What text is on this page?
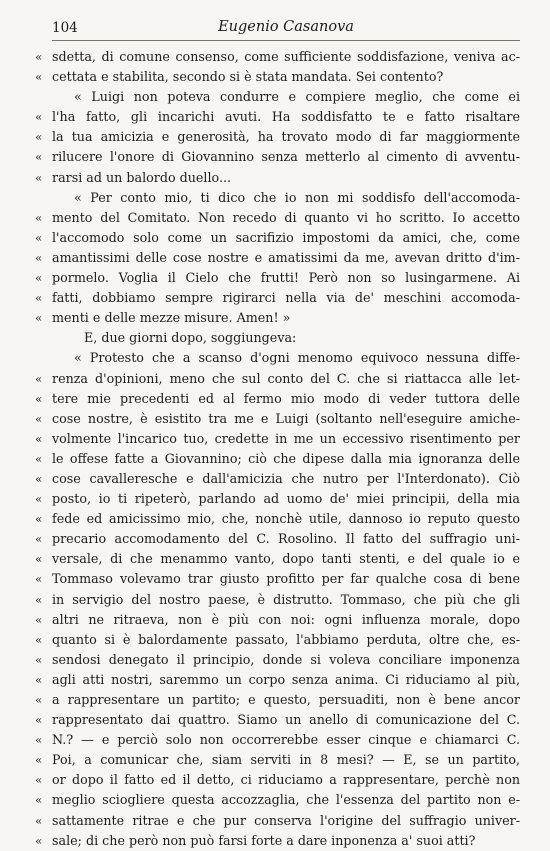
104	Eugenio Casanova
« sdetta, di comune consenso, come sufficiente soddisfazione, veniva ac-
« cettata e stabilita, secondo si è stata mandata. Sei contento?
« Luigi non poteva condurre e compiere meglio, che come ei
« l'ha fatto, gli incarichi avuti. Ha soddisfatto te e fatto risaltare
« la tua amicizia e generosità, ha trovato modo di far maggiormente
« rilucere l'onore di Giovannino senza metterlo al cimento di avventu-
« rarsi ad un balordo duello...
« Per conto mio, ti dico che io non mi soddisfo dell'accomoda-
« mento del Comitato. Non recedo di quanto vi ho scritto. Io accetto
« l'accomodo solo come un sacrifizio impostomi da amici, che, come
« amantissimi delle cose nostre e amatissimi da me, avevan dritto d'im-
« pormelo. Voglia il Cielo che frutti! Però non so lusingarmene. Ai
« fatti, dobbiamo sempre rigirarci nella via de' meschini accomoda-
« menti e delle mezze misure. Amen! »
E, due giorni dopo, soggiungeva:
« Protesto che a scanso d'ogni menomo equivoco nessuna diffe-
« renza d'opinioni, meno che sul conto del C. che si riattacca alle let-
« tere mie precedenti ed al fermo mio modo di veder tuttora delle
« cose nostre, è esistito tra me e Luigi (soltanto nell'eseguire amiche-
« volmente l'incarico tuo, credette in me un eccessivo risentimento per
« le offese fatte a Giovannino; ciò che dipese dalla mia ignoranza delle
« cose cavalleresche e dall'amicizia che nutro per l'Interdonato). Ciò
« posto, io ti ripeterò, parlando ad uomo de' miei principii, della mia
« fede ed amicissimo mio, che, nonchè utile, dannoso io reputo questo
« precario accomodamento del C. Rosolino. Il fatto del suffragio uni-
« versale, di che menammo vanto, dopo tanti stenti, e del quale io e
« Tommaso volevamo trar giusto profitto per far qualche cosa di bene
« in servigio del nostro paese, è distrutto. Tommaso, che più che gli
« altri ne ritraeva, non è più con noi: ogni influenza morale, dopo
« quanto si è balordamente passato, l'abbiamo perduta, oltre che, es-
« sendosi denegato il principio, donde si voleva conciliare imponenza
« agli atti nostri, saremmo un corpo senza anima. Ci riduciamo al più,
« a rappresentare un partito; e questo, persuaditi, non è bene ancor
« rappresentato dai quattro. Siamo un anello di comunicazione del C.
« N.? — e perciò solo non occorrerebbe esser cinque e chiamarci C.
« Poi, a comunicar che, siam serviti in 8 mesi? — E, se un partito,
« or dopo il fatto ed il detto, ci riduciamo a rappresentare, perchè non
« meglio sciogliere questa accozzaglia, che l'essenza del partito non e-
« sattamente ritrae e che pur conserva l'origine del suffragio univer-
« sale; di che però non può farsi forte a dare inponenza a' suoi atti?
